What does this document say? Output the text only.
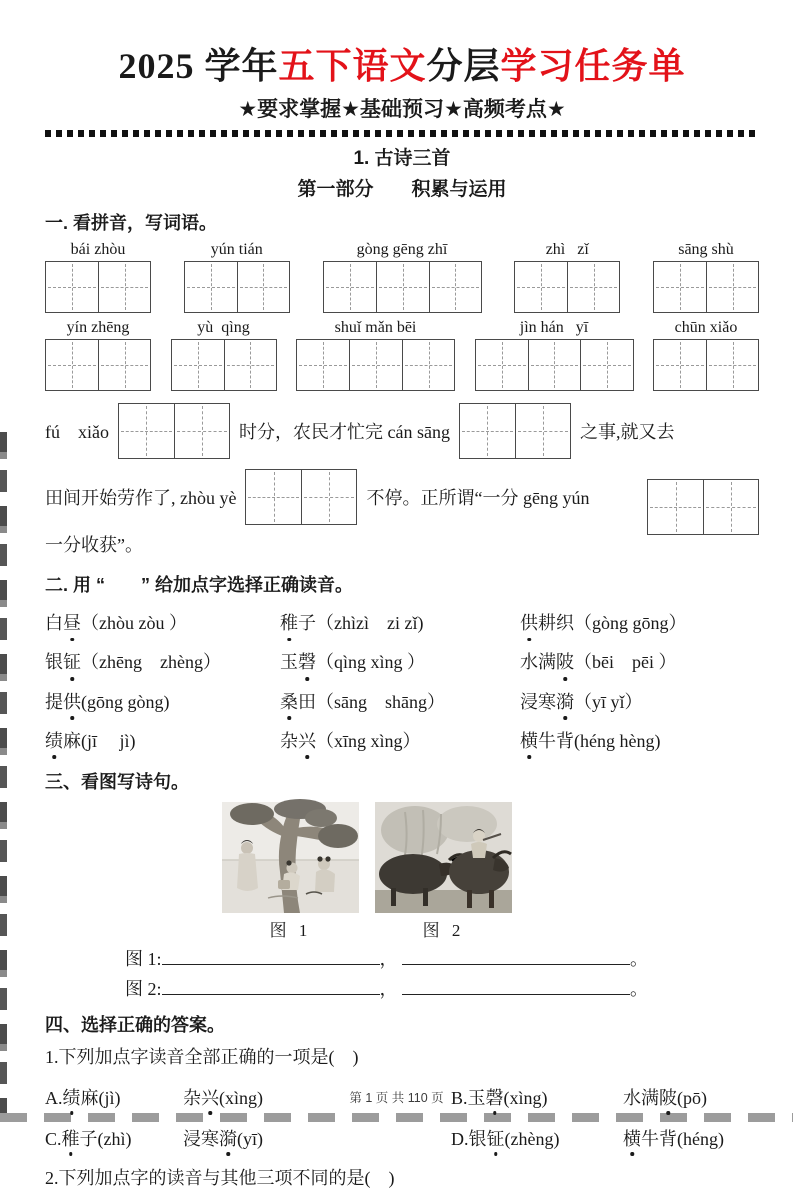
2025 学年五下语文分层学习任务单
★要求掌握★基础预习★高频考点★
1. 古诗三首
第一部分　　积累与运用
一. 看拼音，写词语。
bái zhòu	yún tián	gòng gēng zhī	zhì   zǐ	sāng shù
yín zhēng	yù  qìng	shuǐ mǎn bēi	jìn hán   yī	chūn xiǎo
fú　xiǎo	时分，农民才忙完 cán sāng	之事,就又去
田间开始劳作了, zhòu yè	不停。正所谓“一分 gēng yún
一分收获”。
二. 用 “　　” 给加点字选择正确读音。
白昼（zhòu zòu ）	稚子（zhìzì　zi zǐ)	供耕织（gòng gōng）
银钲（zhēng　zhèng）	玉磬（qìng xìng ）	水满陂（bēi　pēi ）
提供(gōng gòng)	桑田（sāng　shāng）	浸寒漪（yī yǐ）
绩麻(jī　 jì)	杂兴（xīng xìng）	横牛背(héng hèng)
三、看图写诗句。
图 1	图 2
图 1:	，	。
图 2:	，	。
四、选择正确的答案。
1.下列加点字读音全部正确的一项是(　)
A.绩麻(jì)	杂兴(xìng)	B.玉磬(xìng)	水满陂(pō)
C.稚子(zhì)	浸寒漪(yī)	D.银钲(zhèng)	横牛背(héng)
2.下列加点字的读音与其他三项不同的是(　)
第 1 页 共 110 页
